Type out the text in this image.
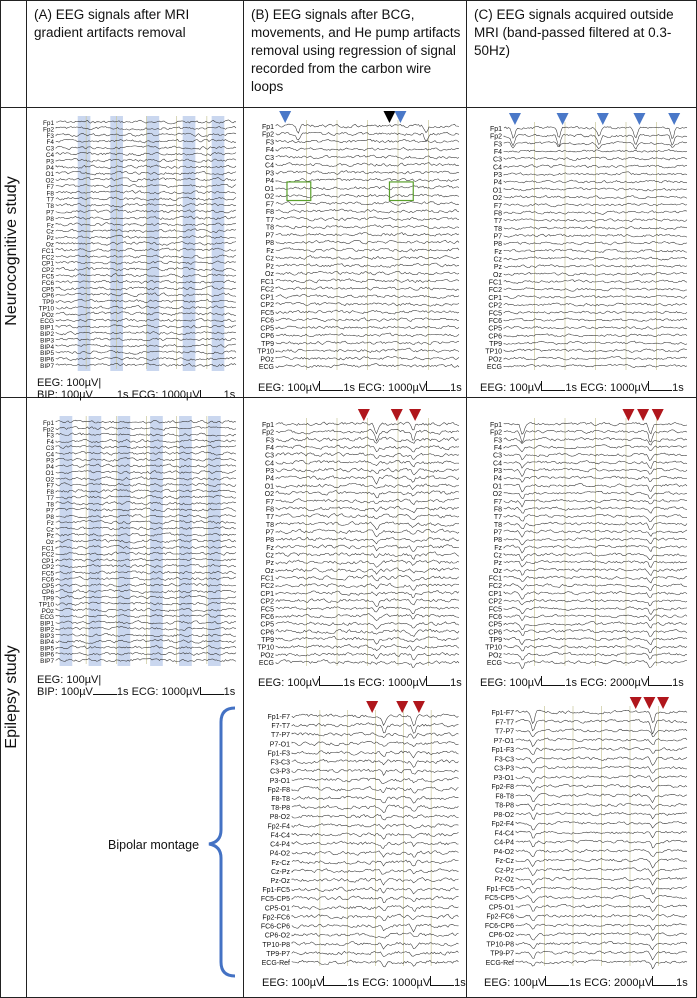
(A) EEG signals after MRI gradient artifacts removal
(B) EEG signals after BCG, movements, and He pump artifacts removal using regression of signal recorded from the carbon wire loops
(C) EEG signals acquired outside MRI (band-passed filtered at 0.3-50Hz)
Neurocognitive study
Epilepsy study
Fp1
Fp2
F3
F4
C3
C4
P3
P4
O1
O2
F7
F8
T7
T8
P7
P8
Fz
Cz
Pz
Oz
FC1
FC2
CP1
CP2
FC5
FC6
CP5
CP6
TP9
TP10
POz
ECG
BIP1
BIP2
BIP3
BIP4
BIP5
BIP6
BIP7
Fp1
Fp2
F3
F4
C3
C4
P3
P4
O1
O2
F7
F8
T7
T8
P7
P8
Fz
Cz
Pz
Oz
FC1
FC2
CP1
CP2
FC5
FC6
CP5
CP6
TP9
TP10
POz
ECG
Fp1
Fp2
F3
F4
C3
C4
P3
P4
O1
O2
F7
F8
T7
T8
P7
P8
Fz
Cz
Pz
Oz
FC1
FC2
CP1
CP2
FC5
FC6
CP5
CP6
TP9
TP10
POz
ECG
Fp1
Fp2
F3
F4
C3
C4
P3
P4
O1
O2
F7
F8
T7
T8
P7
P8
Fz
Cz
Pz
Oz
FC1
FC2
CP1
CP2
FC5
FC6
CP5
CP6
TP9
TP10
POz
ECG
BIP1
BIP2
BIP3
BIP4
BIP5
BIP6
BIP7
Fp1
Fp2
F3
F4
C3
C4
P3
P4
O1
O2
F7
F8
T7
T8
P7
P8
Fz
Cz
Pz
Oz
FC1
FC2
CP1
CP2
FC5
FC6
CP5
CP6
TP9
TP10
POz
ECG
Fp1
Fp2
F3
F4
C3
C4
P3
P4
O1
O2
F7
F8
T7
T8
P7
P8
Fz
Cz
Pz
Oz
FC1
FC2
CP1
CP2
FC5
FC6
CP5
CP6
TP9
TP10
POz
ECG
Fp1-F7
F7-T7
T7-P7
P7-O1
Fp1-F3
F3-C3
C3-P3
P3-O1
Fp2-F8
F8-T8
T8-P8
P8-O2
Fp2-F4
F4-C4
C4-P4
P4-O2
Fz-Cz
Cz-Pz
Pz-Oz
Fp1-FC5
FC5-CP5
CP5-O1
Fp2-FC6
FC6-CP6
CP6-O2
TP10-P8
TP9-P7
ECG-Ref
Fp1-F7
F7-T7
T7-P7
P7-O1
Fp1-F3
F3-C3
C3-P3
P3-O1
Fp2-F8
F8-T8
T8-P8
P8-O2
Fp2-F4
F4-C4
C4-P4
P4-O2
Fz-Cz
Cz-Pz
Pz-Oz
Fp1-FC5
FC5-CP5
CP5-O1
Fp2-FC6
FC6-CP6
CP6-O2
TP10-P8
TP9-P7
ECG-Ref
EEG: 100µV|
BIP: 100µV 1s ECG: 1000µV 1s
EEG: 100µV 1s ECG: 1000µV 1s EEG: 100µV 1s ECG: 1000µV 1s
EEG: 100µV|
BIP: 100µV 1s ECG: 1000µV 1s
EEG: 100µV 1s ECG: 1000µV 1s EEG: 100µV 1s ECG: 2000µV 1s
EEG: 100µV 1s ECG: 1000µV 1s EEG: 100µV 1s ECG: 2000µV 1s
Bipolar montage
